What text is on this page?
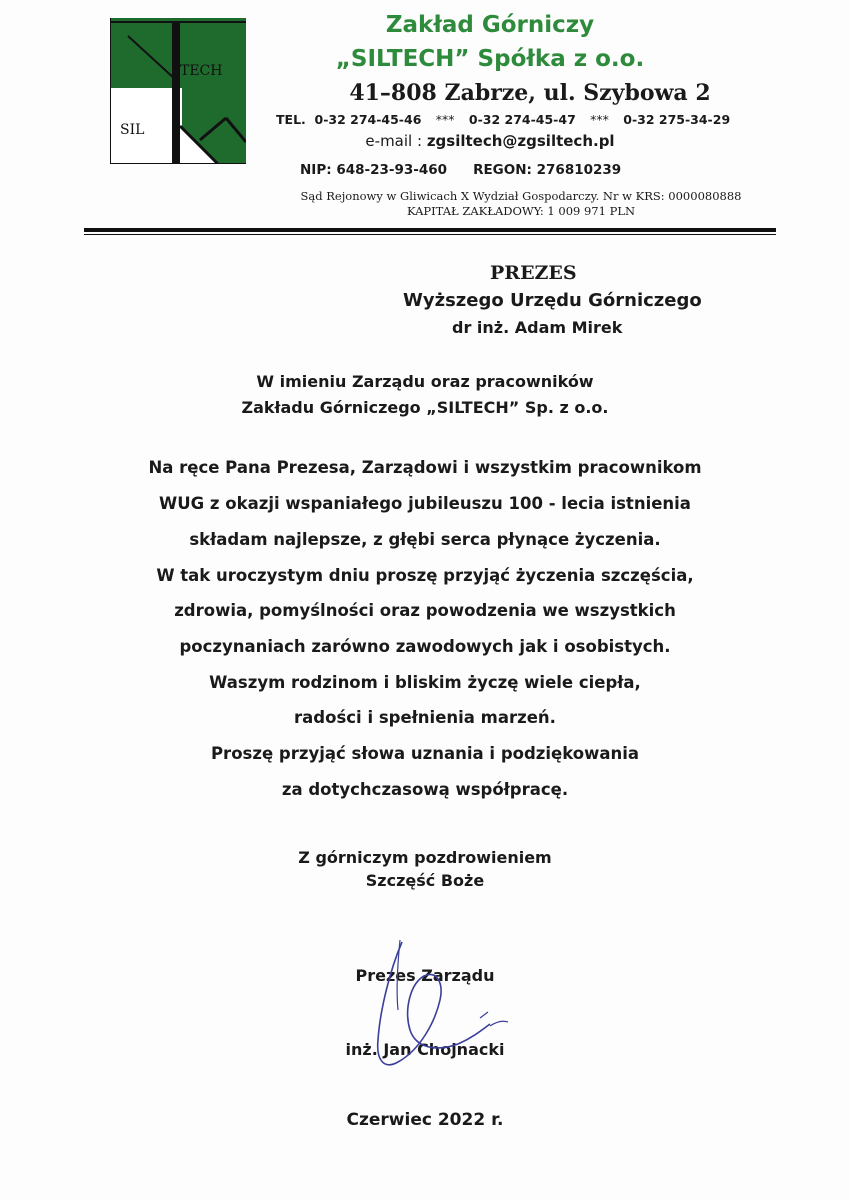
TECH
SIL
Zakład Górniczy
„SILTECH” Spółka z o.o.
41–808 Zabrze, ul. Szybowa 2
TEL. 0-32 274-45-46 *** 0-32 274-45-47 *** 0-32 275-34-29
e-mail : zgsiltech@zgsiltech.pl
NIP: 648-23-93-460 REGON: 276810239
Sąd Rejonowy w Gliwicach X Wydział Gospodarczy. Nr w KRS: 0000080888
KAPITAŁ ZAKŁADOWY: 1 009 971 PLN
PREZES
Wyższego Urzędu Górniczego
dr inż. Adam Mirek
W imieniu Zarządu oraz pracowników
Zakładu Górniczego „SILTECH” Sp. z o.o.
Na ręce Pana Prezesa, Zarządowi i wszystkim pracownikom
WUG z okazji wspaniałego jubileuszu 100 - lecia istnienia
składam najlepsze, z głębi serca płynące życzenia.
W tak uroczystym dniu proszę przyjąć życzenia szczęścia,
zdrowia, pomyślności oraz powodzenia we wszystkich
poczynaniach zarówno zawodowych jak i osobistych.
Waszym rodzinom i bliskim życzę wiele ciepła,
radości i spełnienia marzeń.
Proszę przyjąć słowa uznania i podziękowania
za dotychczasową współpracę.
Z górniczym pozdrowieniem
Szczęść Boże
Prezes Zarządu
inż. Jan Chojnacki
Czerwiec 2022 r.
